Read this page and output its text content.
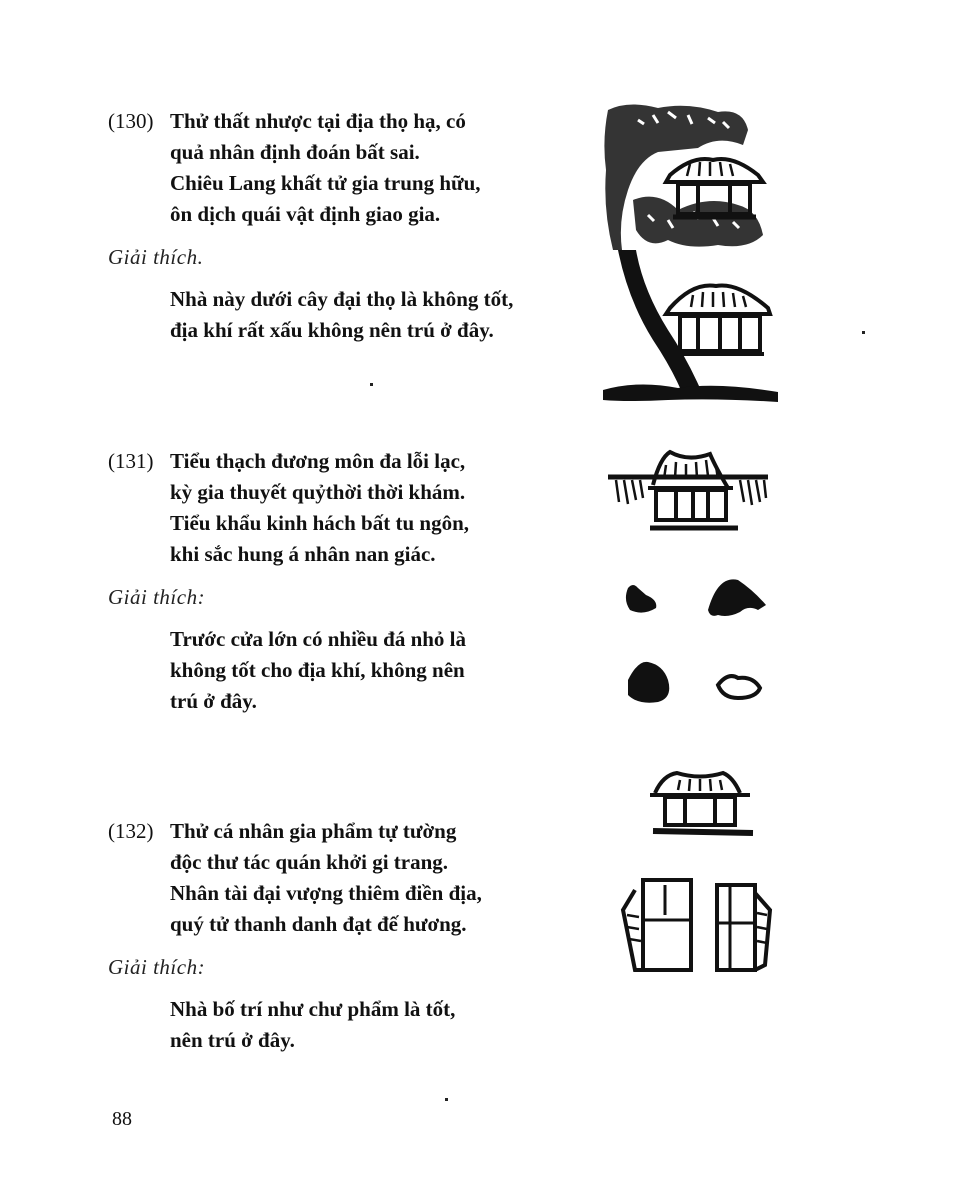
(130) Thử thất nhược tại địa thọ hạ, có
quả nhân định đoán bất sai.
Chiêu Lang khất tử gia trung hữu,
ôn dịch quái vật định giao gia.
Giải thích.
Nhà này dưới cây đại thọ là không tốt,
địa khí rất xấu không nên trú ở đây.
(131) Tiểu thạch đương môn đa lỗi lạc,
kỳ gia thuyết quỷthời thời khám.
Tiểu khẩu kinh hách bất tu ngôn,
khi sắc hung á nhân nan giác.
Giải thích:
Trước cửa lớn có nhiều đá nhỏ là
không tốt cho địa khí, không nên
trú ở đây.
(132) Thử cá nhân gia phẩm tự tường
độc thư tác quán khởi gi trang.
Nhân tài đại vượng thiêm điền địa,
quý tử thanh danh đạt đế hương.
Giải thích:
Nhà bố trí như chư phẩm là tốt,
nên trú ở đây.
88
